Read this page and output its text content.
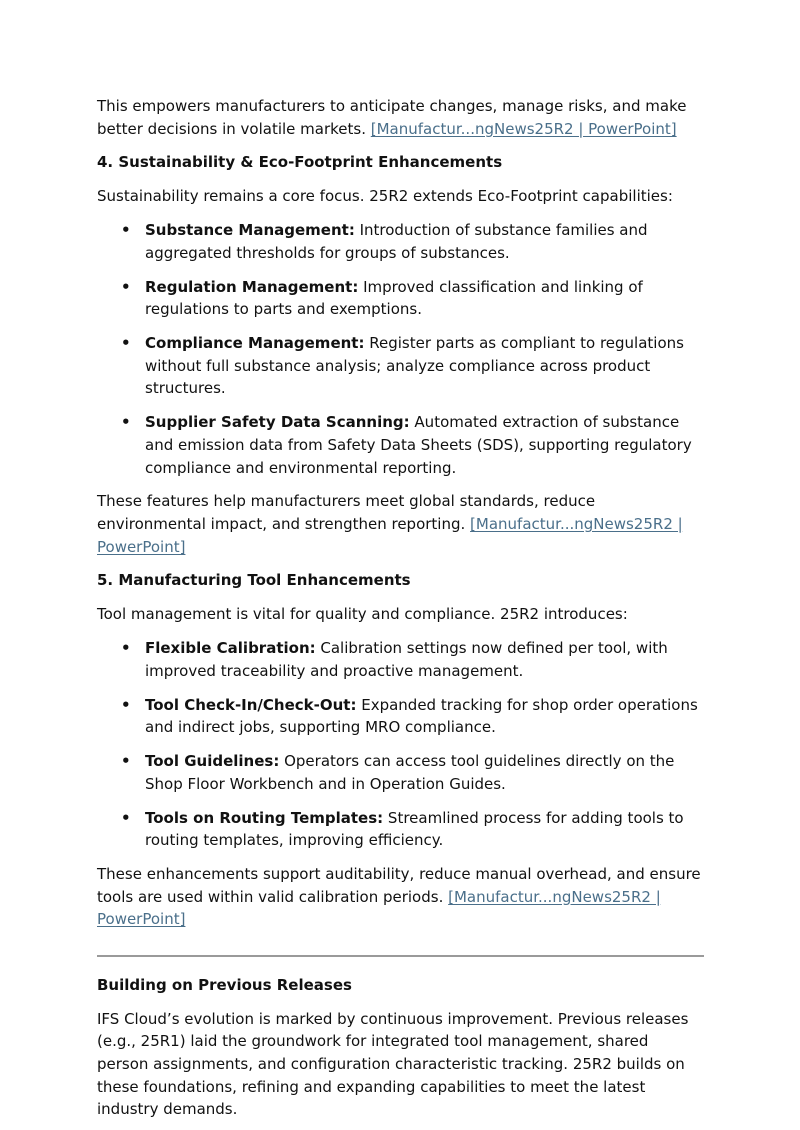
This empowers manufacturers to anticipate changes, manage risks, and make better decisions in volatile markets. [Manufactur...ngNews25R2 | PowerPoint]

4. Sustainability & Eco-Footprint Enhancements

Sustainability remains a core focus. 25R2 extends Eco-Footprint capabilities:

• Substance Management: Introduction of substance families and aggregated thresholds for groups of substances.
• Regulation Management: Improved classification and linking of regulations to parts and exemptions.
• Compliance Management: Register parts as compliant to regulations without full substance analysis; analyze compliance across product structures.
• Supplier Safety Data Scanning: Automated extraction of substance and emission data from Safety Data Sheets (SDS), supporting regulatory compliance and environmental reporting.

These features help manufacturers meet global standards, reduce environmental impact, and strengthen reporting. [Manufactur...ngNews25R2 | PowerPoint]

5. Manufacturing Tool Enhancements

Tool management is vital for quality and compliance. 25R2 introduces:

• Flexible Calibration: Calibration settings now defined per tool, with improved traceability and proactive management.
• Tool Check-In/Check-Out: Expanded tracking for shop order operations and indirect jobs, supporting MRO compliance.
• Tool Guidelines: Operators can access tool guidelines directly on the Shop Floor Workbench and in Operation Guides.
• Tools on Routing Templates: Streamlined process for adding tools to routing templates, improving efficiency.

These enhancements support auditability, reduce manual overhead, and ensure tools are used within valid calibration periods. [Manufactur...ngNews25R2 | PowerPoint]

Building on Previous Releases

IFS Cloud’s evolution is marked by continuous improvement. Previous releases (e.g., 25R1) laid the groundwork for integrated tool management, shared person assignments, and configuration characteristic tracking. 25R2 builds on these foundations, refining and expanding capabilities to meet the latest industry demands.
